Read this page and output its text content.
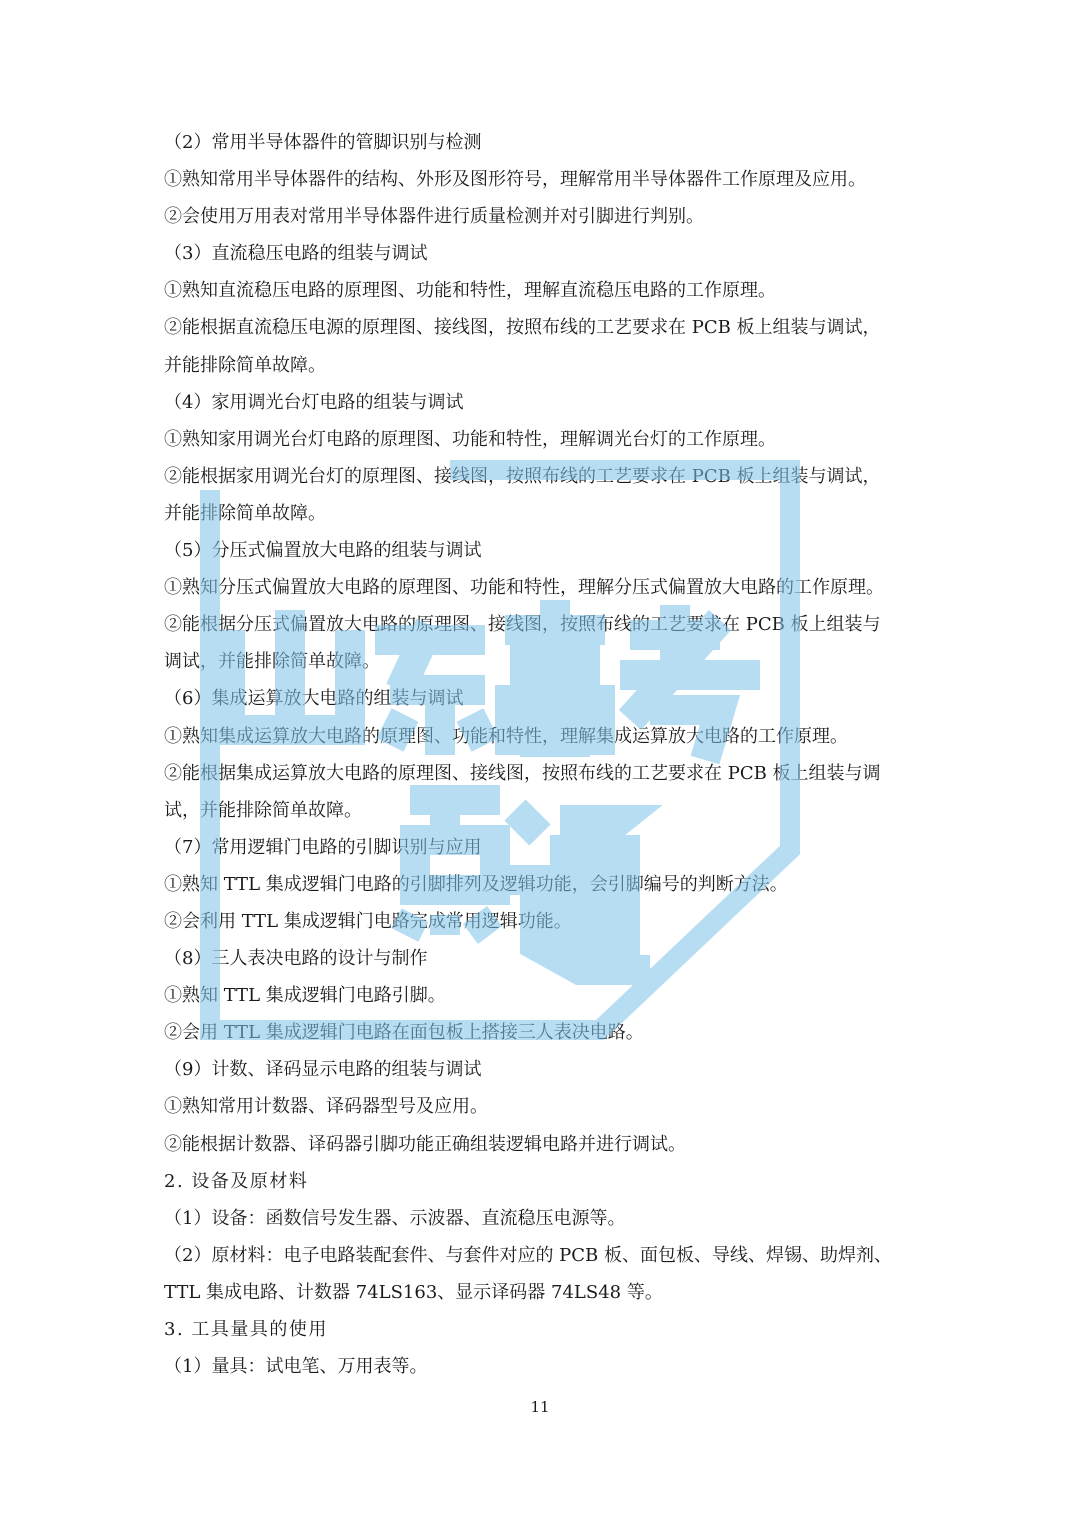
（2）常用半导体器件的管脚识别与检测
①熟知常用半导体器件的结构、外形及图形符号，理解常用半导体器件工作原理及应用。
②会使用万用表对常用半导体器件进行质量检测并对引脚进行判别。
（3）直流稳压电路的组装与调试
①熟知直流稳压电路的原理图、功能和特性，理解直流稳压电路的工作原理。
②能根据直流稳压电源的原理图、接线图，按照布线的工艺要求在 PCB 板上组装与调试，
并能排除简单故障。
（4）家用调光台灯电路的组装与调试
①熟知家用调光台灯电路的原理图、功能和特性，理解调光台灯的工作原理。
②能根据家用调光台灯的原理图、接线图，按照布线的工艺要求在 PCB 板上组装与调试，
并能排除简单故障。
（5）分压式偏置放大电路的组装与调试
①熟知分压式偏置放大电路的原理图、功能和特性，理解分压式偏置放大电路的工作原理。
②能根据分压式偏置放大电路的原理图、接线图，按照布线的工艺要求在 PCB 板上组装与
调试，并能排除简单故障。
（6）集成运算放大电路的组装与调试
①熟知集成运算放大电路的原理图、功能和特性，理解集成运算放大电路的工作原理。
②能根据集成运算放大电路的原理图、接线图，按照布线的工艺要求在 PCB 板上组装与调
试，并能排除简单故障。
（7）常用逻辑门电路的引脚识别与应用
①熟知 TTL 集成逻辑门电路的引脚排列及逻辑功能，会引脚编号的判断方法。
②会利用 TTL 集成逻辑门电路完成常用逻辑功能。
（8）三人表决电路的设计与制作
①熟知 TTL 集成逻辑门电路引脚。
②会用 TTL 集成逻辑门电路在面包板上搭接三人表决电路。
（9）计数、译码显示电路的组装与调试
①熟知常用计数器、译码器型号及应用。
②能根据计数器、译码器引脚功能正确组装逻辑电路并进行调试。
2. 设备及原材料
（1）设备：函数信号发生器、示波器、直流稳压电源等。
（2）原材料：电子电路装配套件、与套件对应的 PCB 板、面包板、导线、焊锡、助焊剂、
TTL 集成电路、计数器 74LS163、显示译码器 74LS48 等。
3. 工具量具的使用
（1）量具：试电笔、万用表等。
11
